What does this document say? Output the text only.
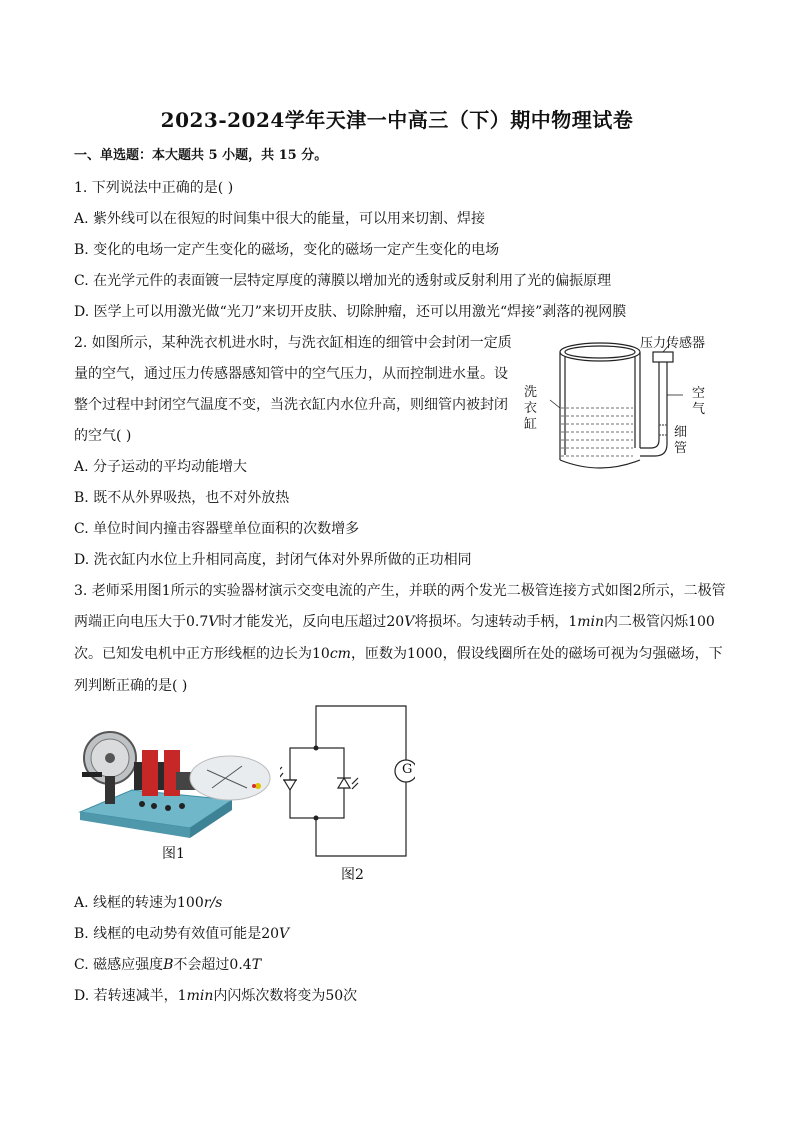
2023-2024学年天津一中高三（下）期中物理试卷
一、单选题：本大题共 5 小题，共 15 分。
1. 下列说法中正确的是( )
A. 紫外线可以在很短的时间集中很大的能量，可以用来切割、焊接
B. 变化的电场一定产生变化的磁场，变化的磁场一定产生变化的电场
C. 在光学元件的表面镀一层特定厚度的薄膜以增加光的透射或反射利用了光的偏振原理
D. 医学上可以用激光做“光刀”来切开皮肤、切除肿瘤，还可以用激光“焊接”剥落的视网膜
2. 如图所示，某种洗衣机进水时，与洗衣缸相连的细管中会封闭一定质
量的空气，通过压力传感器感知管中的空气压力，从而控制进水量。设
整个过程中封闭空气温度不变，当洗衣缸内水位升高，则细管内被封闭
的空气( )
A. 分子运动的平均动能增大
B. 既不从外界吸热，也不对外放热
C. 单位时间内撞击容器壁单位面积的次数增多
D. 洗衣缸内水位上升相同高度，封闭气体对外界所做的正功相同
压力传感器
洗
衣
缸
空
气
细
管
3. 老师采用图1所示的实验器材演示交变电流的产生，并联的两个发光二极管连接方式如图2所示，二极管
两端正向电压大于0.7V时才能发光，反向电压超过20V将损坏。匀速转动手柄，1min内二极管闪烁100
次。已知发电机中正方形线框的边长为10cm，匝数为1000，假设线圈所在处的磁场可视为匀强磁场，下
列判断正确的是( )
图1
G
图2
A. 线框的转速为100r/s
B. 线框的电动势有效值可能是20V
C. 磁感应强度B不会超过0.4T
D. 若转速减半，1min内闪烁次数将变为50次
